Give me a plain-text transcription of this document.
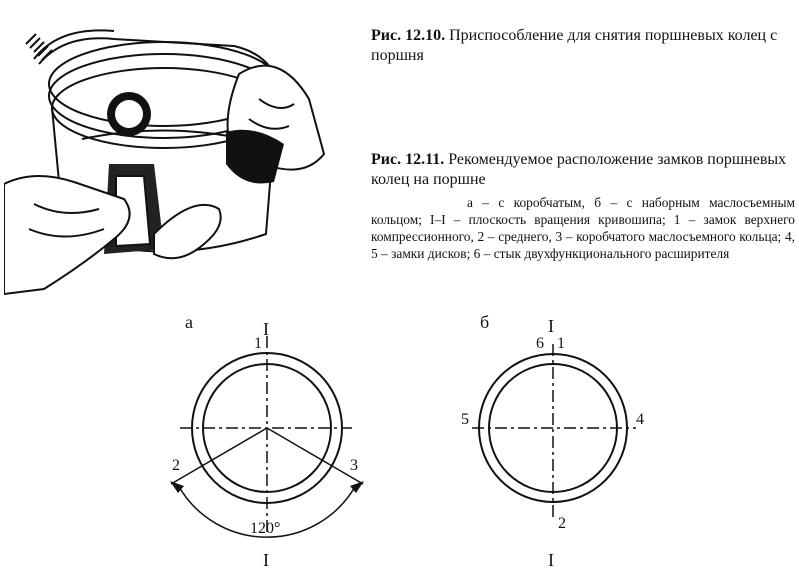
Рис. 12.10. Приспособление для снятия поршневых колец с поршня
Рис. 12.11. Рекомендуемое расположение замков поршневых колец на поршне
а – с коробчатым, б – с наборным маслосъемным кольцом; I–I – плоскость вращения кривошипа; 1 – замок верхнего компрессионного, 2 – среднего, 3 – коробчатого маслосъемного кольца; 4, 5 – замки дисков; 6 – стык двухфункционального расширителя
а	I
1
2	3
120°
I
б	I
6 1
5	4
2
I
